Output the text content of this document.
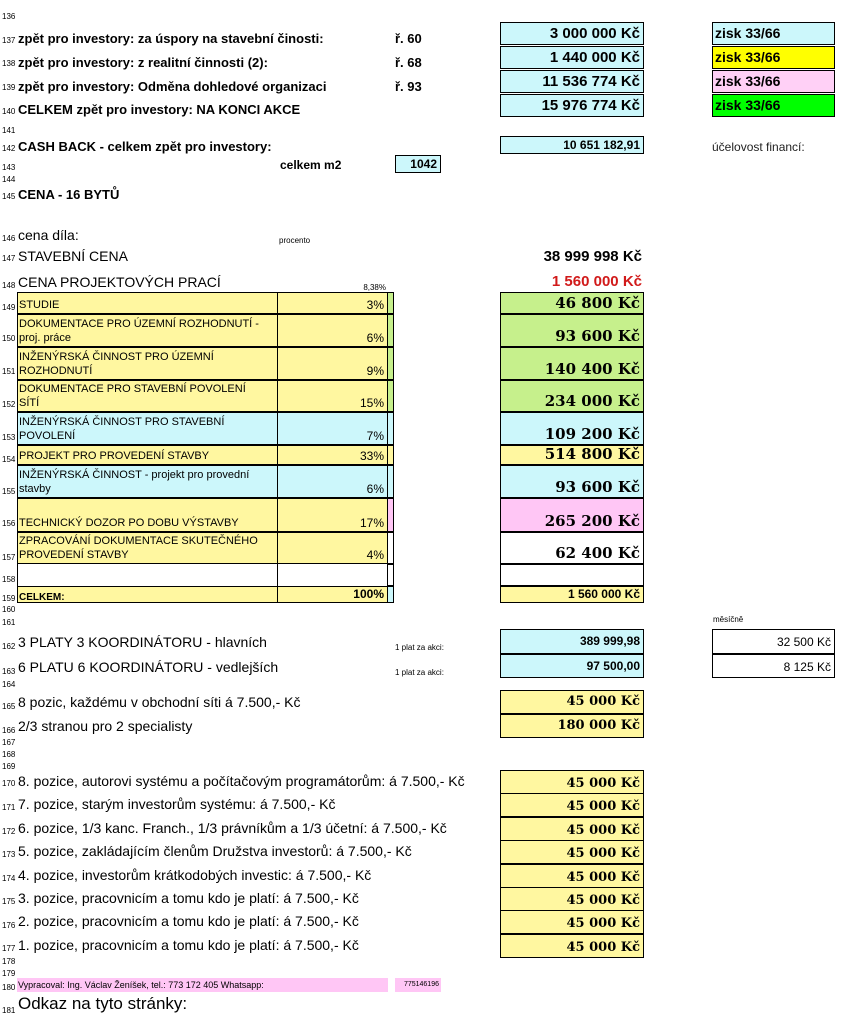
136
137
138
139
140
141
142
143
144
145
146
147
148
149
150
151
152
153
154
155
156
157
158
159
160
161
162
163
164
165
166
167
168
169
170
171
172
173
174
175
176
177
178
179
180
181
zpět pro investory: za úspory na stavební činosti:	ř. 60	3 000 000 Kč	zisk 33/66
zpět pro investory: z realitní činnosti (2):	ř. 68	1 440 000 Kč	zisk 33/66
zpět pro investory: Odměna dohledové organizaci	ř. 93	11 536 774 Kč	zisk 33/66
CELKEM zpět pro investory: NA KONCI AKCE	15 976 774 Kč	zisk 33/66
CASH BACK - celkem zpět pro investory:	10 651 182,91	účelovost financí:
celkem m2	1042
CENA - 16 BYTŮ
cena díla:	procento
STAVEBNÍ CENA	38 999 998 Kč
CENA PROJEKTOVÝCH PRACÍ	8,38%	1 560 000 Kč
STUDIE	3%	46 800 Kč
DOKUMENTACE PRO ÚZEMNÍ ROZHODNUTÍ -
proj. práce	6%	93 600 Kč
INŽENÝRSKÁ ČINNOST PRO ÚZEMNÍ
ROZHODNUTÍ	9%	140 400 Kč
DOKUMENTACE PRO STAVEBNÍ POVOLENÍ
SÍTÍ	15%	234 000 Kč
INŽENÝRSKÁ ČINNOST PRO STAVEBNÍ
POVOLENÍ	7%	109 200 Kč
PROJEKT PRO PROVEDENÍ STAVBY	33%	514 800 Kč
INŽENÝRSKÁ ČINNOST - projekt pro provední
stavby	6%	93 600 Kč
TECHNICKÝ DOZOR PO DOBU VÝSTAVBY	17%	265 200 Kč
ZPRACOVÁNÍ DOKUMENTACE SKUTEČNÉHO
PROVEDENÍ STAVBY	4%	62 400 Kč
CELKEM:	100%	1 560 000 Kč
měsíčně
3 PLATY 3 KOORDINÁTORU - hlavních	1 plat za akci:	389 999,98	32 500 Kč
6 PLATU 6 KOORDINÁTORU - vedlejších	1 plat za akci:	97 500,00	8 125 Kč
8 pozic, každému v obchodní síti á 7.500,- Kč	45 000 Kč
2/3 stranou pro 2 specialisty	180 000 Kč
8. pozice, autorovi systému a počítačovým programátorům: á 7.500,- Kč	45 000 Kč
7. pozice, starým investorům systému: á 7.500,- Kč	45 000 Kč
6. pozice, 1/3 kanc. Franch., 1/3 právníkům a 1/3 účetní: á 7.500,- Kč	45 000 Kč
5. pozice, zakládajícím členům Družstva investorů: á 7.500,- Kč	45 000 Kč
4. pozice, investorům krátkodobých investic: á 7.500,- Kč	45 000 Kč
3. pozice, pracovnicím a tomu kdo je platí: á 7.500,- Kč	45 000 Kč
2. pozice, pracovnicím a tomu kdo je platí: á 7.500,- Kč	45 000 Kč
1. pozice, pracovnicím a tomu kdo je platí: á 7.500,- Kč	45 000 Kč
Vypracoval: Ing. Václav Ženíšek, tel.: 773 172 405 Whatsapp:	775146196
Odkaz na tyto stránky:
